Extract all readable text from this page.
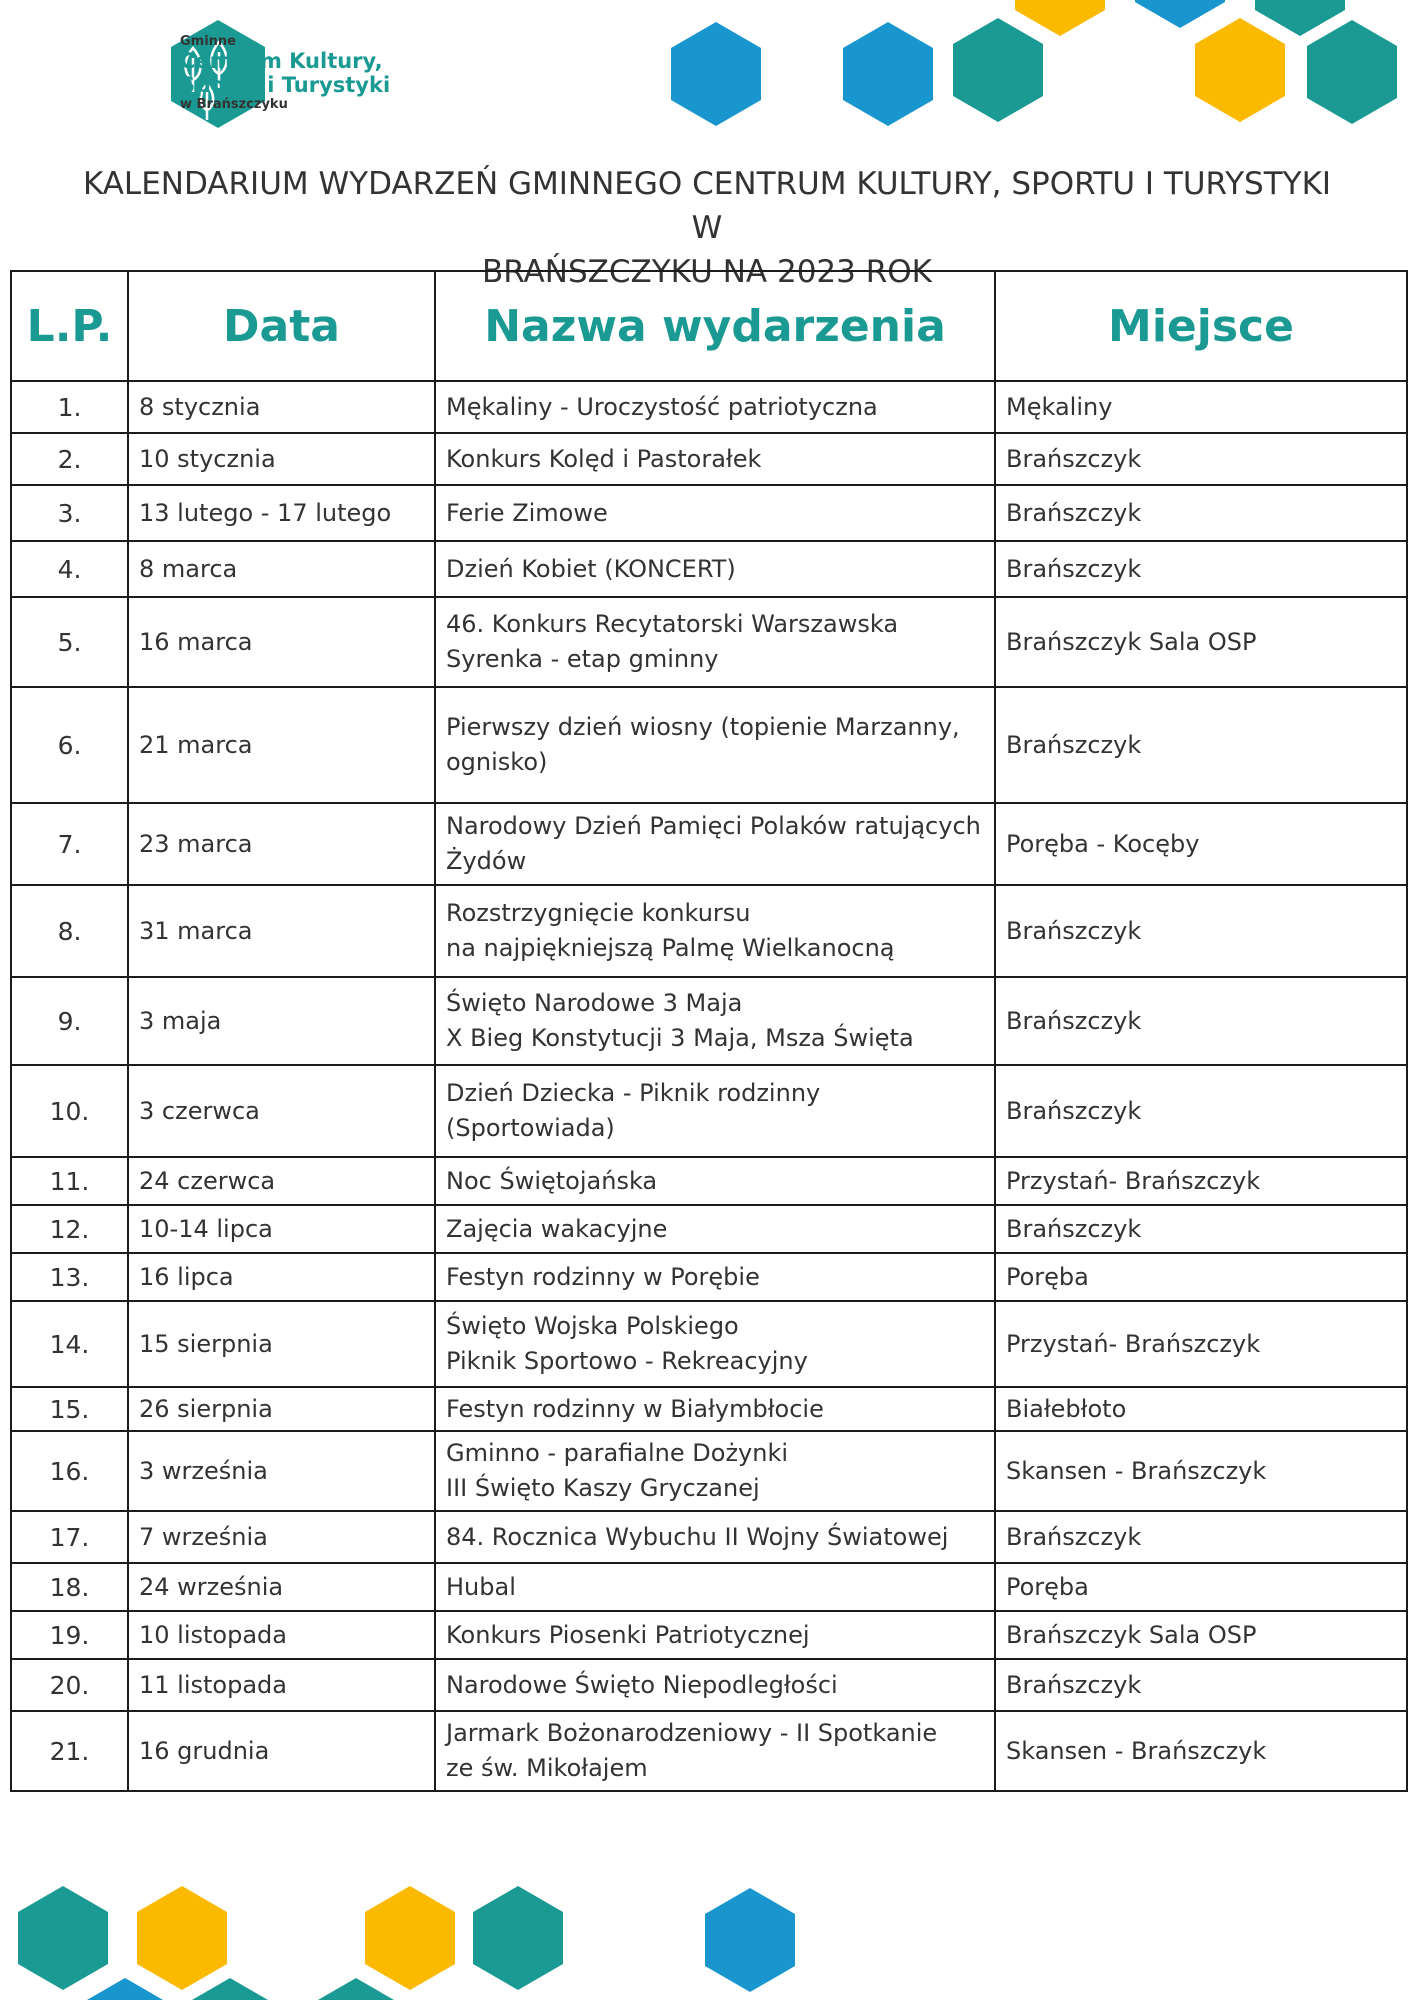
Gminne
Centrum Kultury,
Sportu i Turystyki
w Brańszczyku
KALENDARIUM WYDARZEŃ GMINNEGO CENTRUM KULTURY, SPORTU I TURYSTYKI W
BRAŃSZCZYKU NA 2023 ROK
L.P.	Data	Nazwa wydarzenia	Miejsce
1.	8 stycznia	Mękaliny - Uroczystość patriotyczna	Mękaliny
2.	10 stycznia	Konkurs Kolęd i Pastorałek	Brańszczyk
3.	13 lutego - 17 lutego	Ferie Zimowe	Brańszczyk
4.	8 marca	Dzień Kobiet (KONCERT)	Brańszczyk
5.	16 marca	46. Konkurs Recytatorski Warszawska
Syrenka - etap gminny	Brańszczyk Sala OSP
6.	21 marca	Pierwszy dzień wiosny (topienie Marzanny,
ognisko)	Brańszczyk
7.	23 marca	Narodowy Dzień Pamięci Polaków ratujących
Żydów	Poręba - Kocęby
8.	31 marca	Rozstrzygnięcie konkursu
na najpiękniejszą Palmę Wielkanocną	Brańszczyk
9.	3 maja	Święto Narodowe 3 Maja
X Bieg Konstytucji 3 Maja, Msza Święta	Brańszczyk
10.	3 czerwca	Dzień Dziecka - Piknik rodzinny
(Sportowiada)	Brańszczyk
11.	24 czerwca	Noc Świętojańska	Przystań- Brańszczyk
12.	10-14 lipca	Zajęcia wakacyjne	Brańszczyk
13.	16 lipca	Festyn rodzinny w Porębie	Poręba
14.	15 sierpnia	Święto Wojska Polskiego
Piknik Sportowo - Rekreacyjny	Przystań- Brańszczyk
15.	26 sierpnia	Festyn rodzinny w Białymbłocie	Białebłoto
16.	3 września	Gminno - parafialne Dożynki
III Święto Kaszy Gryczanej	Skansen - Brańszczyk
17.	7 września	84. Rocznica Wybuchu II Wojny Światowej	Brańszczyk
18.	24 września	Hubal	Poręba
19.	10 listopada	Konkurs Piosenki Patriotycznej	Brańszczyk Sala OSP
20.	11 listopada	Narodowe Święto Niepodległości	Brańszczyk
21.	16 grudnia	Jarmark Bożonarodzeniowy - II Spotkanie
ze św. Mikołajem	Skansen - Brańszczyk
